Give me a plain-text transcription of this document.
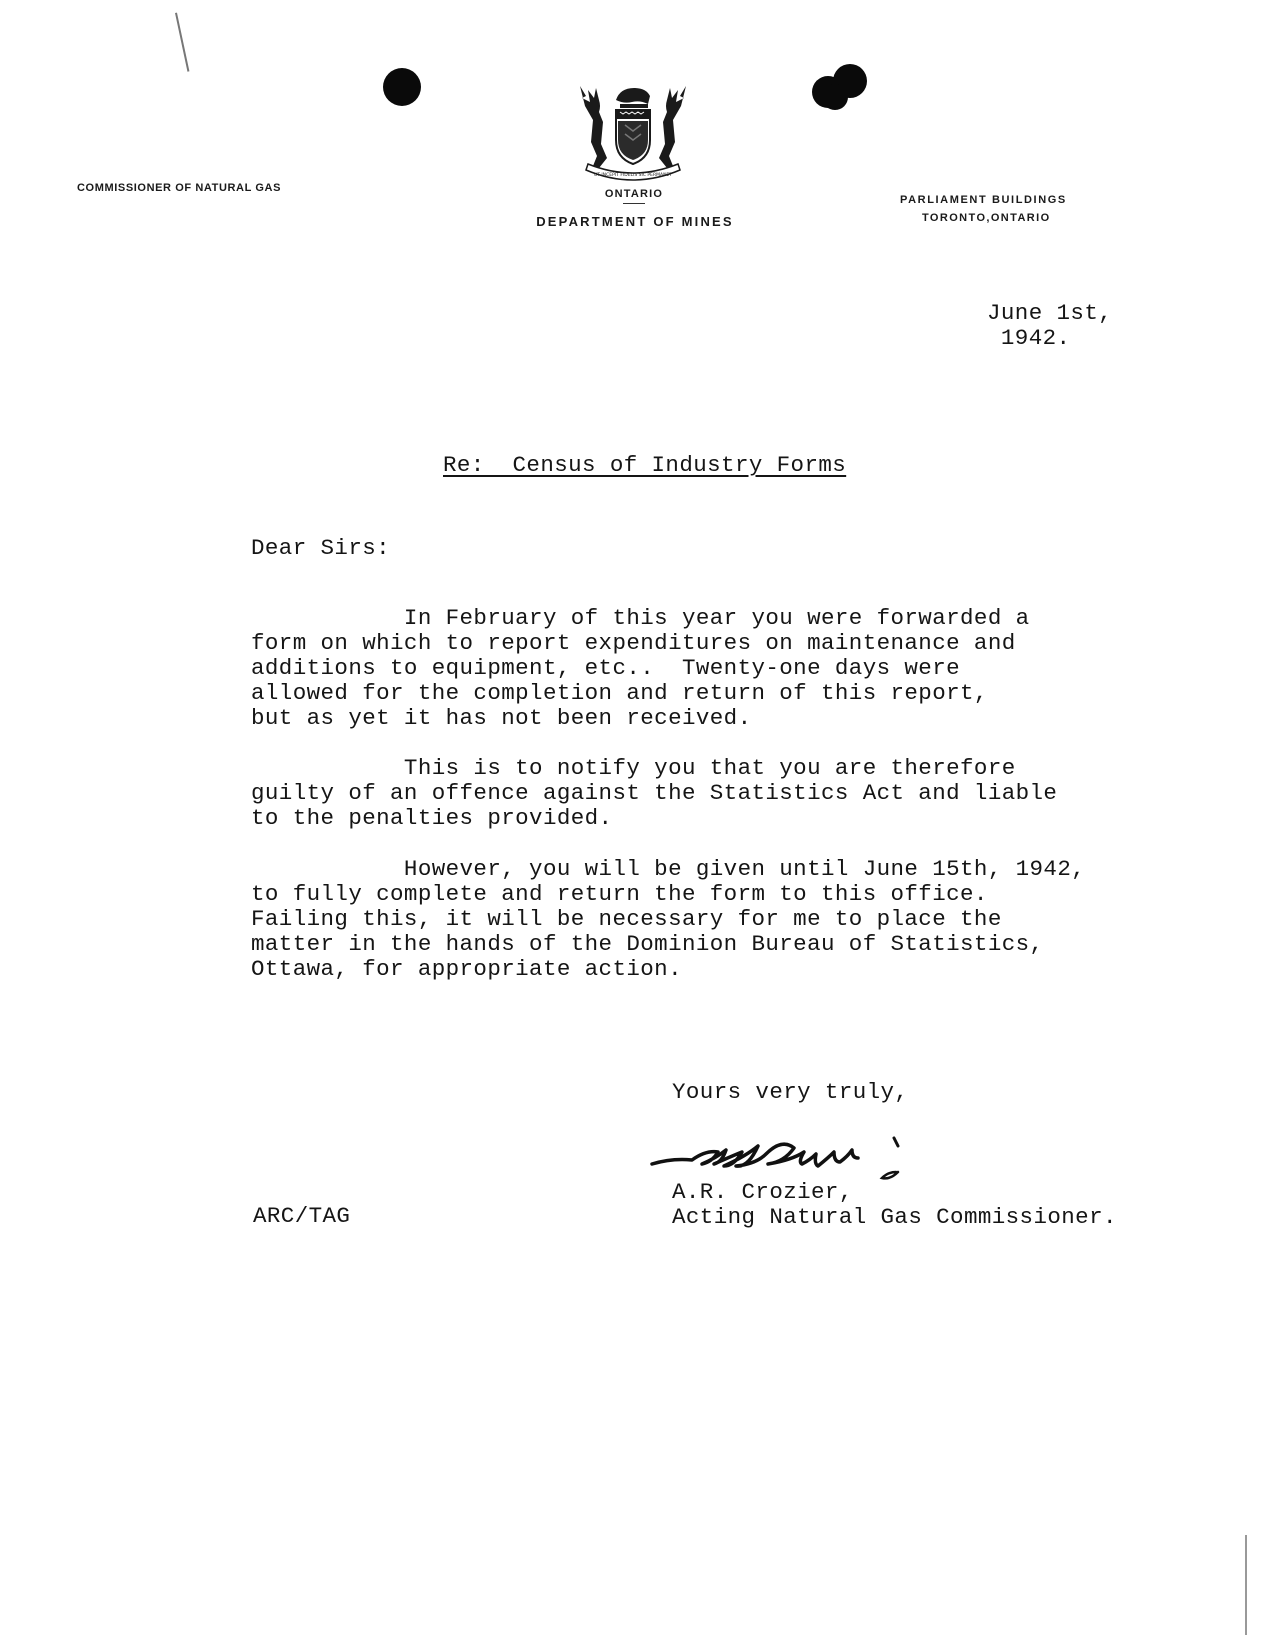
COMMISSIONER OF NATURAL GAS
UT INCEPIT FIDELIS SIC PERMANET
ONTARIO
DEPARTMENT OF MINES
PARLIAMENT BUILDINGS
TORONTO,ONTARIO
June 1st,
1942.
Re:  Census of Industry Forms
Dear Sirs:
In February of this year you were forwarded a
form on which to report expenditures on maintenance and
additions to equipment, etc..  Twenty-one days were
allowed for the completion and return of this report,
but as yet it has not been received.
This is to notify you that you are therefore
guilty of an offence against the Statistics Act and liable
to the penalties provided.
However, you will be given until June 15th, 1942,
to fully complete and return the form to this office.
Failing this, it will be necessary for me to place the
matter in the hands of the Dominion Bureau of Statistics,
Ottawa, for appropriate action.
Yours very truly,
A.R. Crozier,
Acting Natural Gas Commissioner.
ARC/TAG
